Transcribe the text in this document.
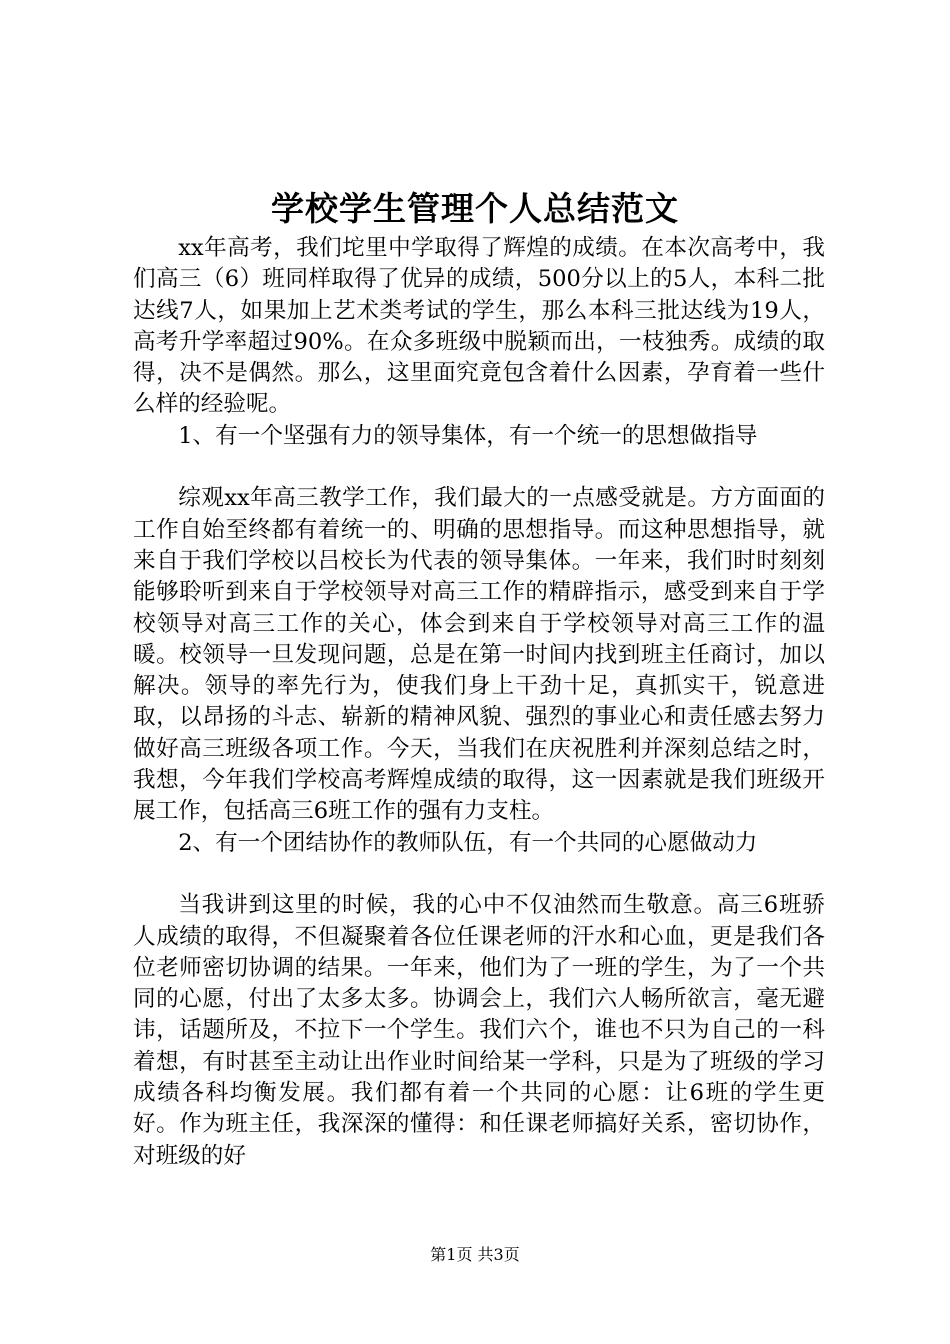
学校学生管理个人总结范文

xx年高考，我们坨里中学取得了辉煌的成绩。在本次高考中，我们高三（6）班同样取得了优异的成绩，500分以上的5人，本科二批达线7人，如果加上艺术类考试的学生，那么本科三批达线为19人，高考升学率超过90%。在众多班级中脱颖而出，一枝独秀。成绩的取得，决不是偶然。那么，这里面究竟包含着什么因素，孕育着一些什么样的经验呢。

1、有一个坚强有力的领导集体，有一个统一的思想做指导

综观xx年高三教学工作，我们最大的一点感受就是。方方面面的工作自始至终都有着统一的、明确的思想指导。而这种思想指导，就来自于我们学校以吕校长为代表的领导集体。一年来，我们时时刻刻能够聆听到来自于学校领导对高三工作的精辟指示，感受到来自于学校领导对高三工作的关心，体会到来自于学校领导对高三工作的温暖。校领导一旦发现问题，总是在第一时间内找到班主任商讨，加以解决。领导的率先行为，使我们身上干劲十足，真抓实干，锐意进取，以昂扬的斗志、崭新的精神风貌、强烈的事业心和责任感去努力做好高三班级各项工作。今天，当我们在庆祝胜利并深刻总结之时，我想，今年我们学校高考辉煌成绩的取得，这一因素就是我们班级开展工作，包括高三6班工作的强有力支柱。

2、有一个团结协作的教师队伍，有一个共同的心愿做动力

当我讲到这里的时候，我的心中不仅油然而生敬意。高三6班骄人成绩的取得，不但凝聚着各位任课老师的汗水和心血，更是我们各位老师密切协调的结果。一年来，他们为了一班的学生，为了一个共同的心愿，付出了太多太多。协调会上，我们六人畅所欲言，毫无避讳，话题所及，不拉下一个学生。我们六个，谁也不只为自己的一科着想，有时甚至主动让出作业时间给某一学科，只是为了班级的学习成绩各科均衡发展。我们都有着一个共同的心愿：让6班的学生更好。作为班主任，我深深的懂得：和任课老师搞好关系，密切协作，对班级的好

第1页 共3页
